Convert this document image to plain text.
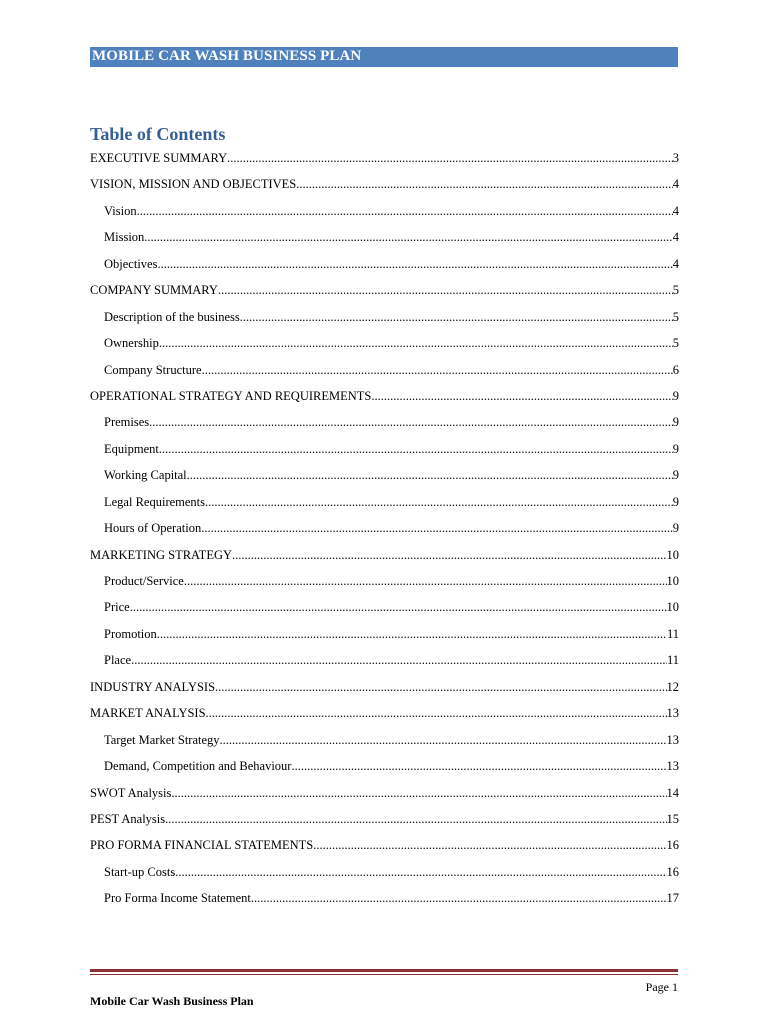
MOBILE CAR WASH BUSINESS PLAN
Table of Contents
EXECUTIVE SUMMARY .....	3
VISION, MISSION AND OBJECTIVES .....	4
Vision .....	4
Mission .....	4
Objectives .....	4
COMPANY SUMMARY .....	5
Description of the business .....	5
Ownership .....	5
Company Structure .....	6
OPERATIONAL STRATEGY AND REQUIREMENTS .....	9
Premises .....	9
Equipment .....	9
Working Capital .....	9
Legal Requirements .....	9
Hours of Operation .....	9
MARKETING STRATEGY .....	10
Product/Service .....	10
Price .....	10
Promotion .....	11
Place .....	11
INDUSTRY ANALYSIS .....	12
MARKET ANALYSIS .....	13
Target Market Strategy .....	13
Demand, Competition and Behaviour .....	13
SWOT Analysis .....	14
PEST Analysis .....	15
PRO FORMA FINANCIAL STATEMENTS .....	16
Start-up Costs .....	16
Pro Forma Income Statement .....	17
Page 1
Mobile Car Wash Business Plan
